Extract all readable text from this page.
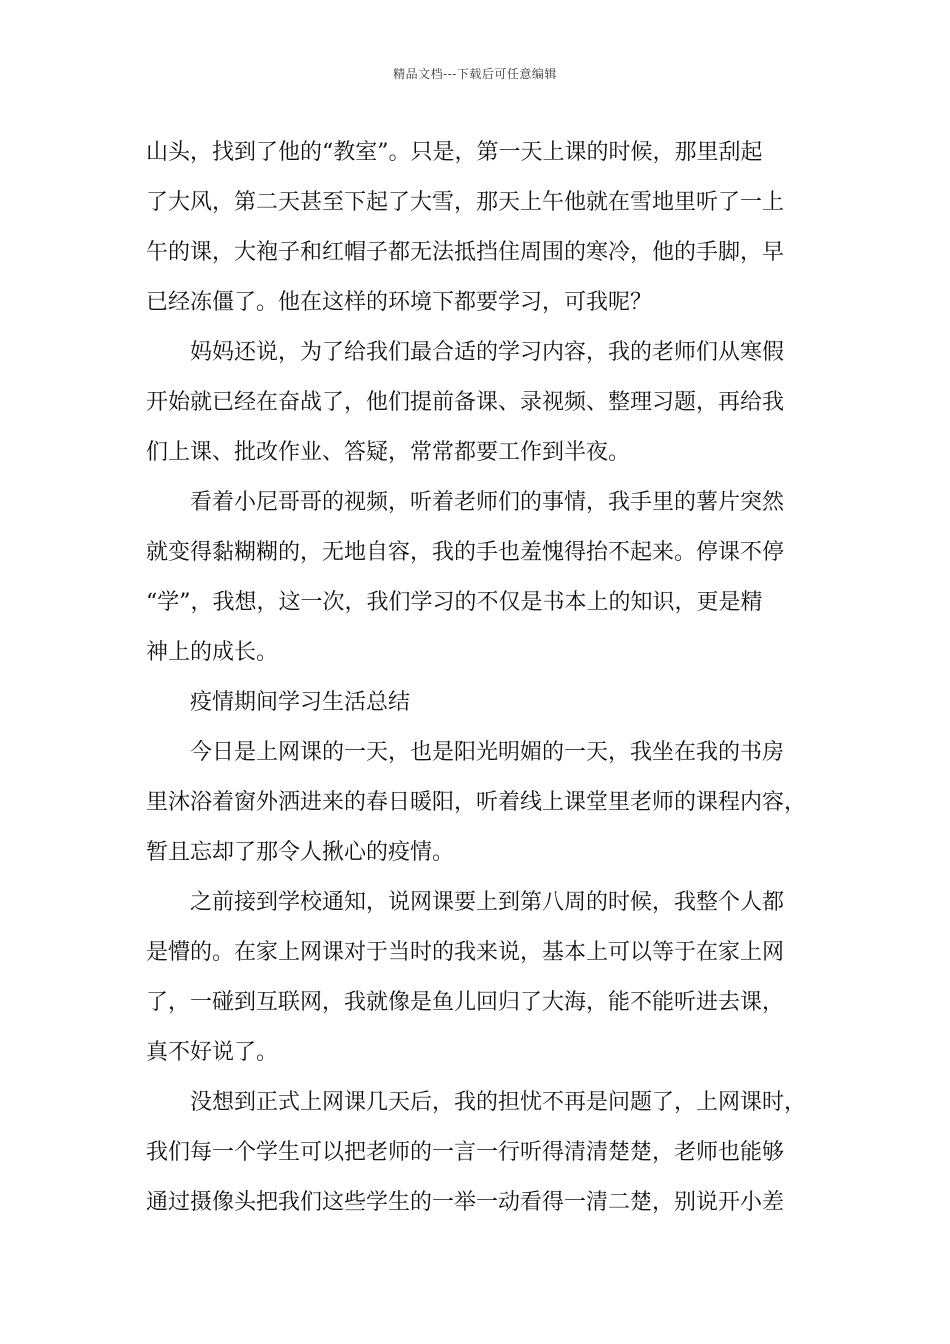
精品文档---下载后可任意编辑
山头，找到了他的“教室”。只是，第一天上课的时候，那里刮起
了大风，第二天甚至下起了大雪，那天上午他就在雪地里听了一上
午的课，大袍子和红帽子都无法抵挡住周围的寒冷，他的手脚，早
已经冻僵了。他在这样的环境下都要学习，可我呢？
妈妈还说，为了给我们最合适的学习内容，我的老师们从寒假
开始就已经在奋战了，他们提前备课、录视频、整理习题，再给我
们上课、批改作业、答疑，常常都要工作到半夜。
看着小尼哥哥的视频，听着老师们的事情，我手里的薯片突然
就变得黏糊糊的，无地自容，我的手也羞愧得抬不起来。停课不停
“学”，我想，这一次，我们学习的不仅是书本上的知识，更是精
神上的成长。
疫情期间学习生活总结
今日是上网课的一天，也是阳光明媚的一天，我坐在我的书房
里沐浴着窗外洒进来的春日暖阳，听着线上课堂里老师的课程内容，
暂且忘却了那令人揪心的疫情。
之前接到学校通知，说网课要上到第八周的时候，我整个人都
是懵的。在家上网课对于当时的我来说，基本上可以等于在家上网
了，一碰到互联网，我就像是鱼儿回归了大海，能不能听进去课，
真不好说了。
没想到正式上网课几天后，我的担忧不再是问题了，上网课时，
我们每一个学生可以把老师的一言一行听得清清楚楚，老师也能够
通过摄像头把我们这些学生的一举一动看得一清二楚，别说开小差
